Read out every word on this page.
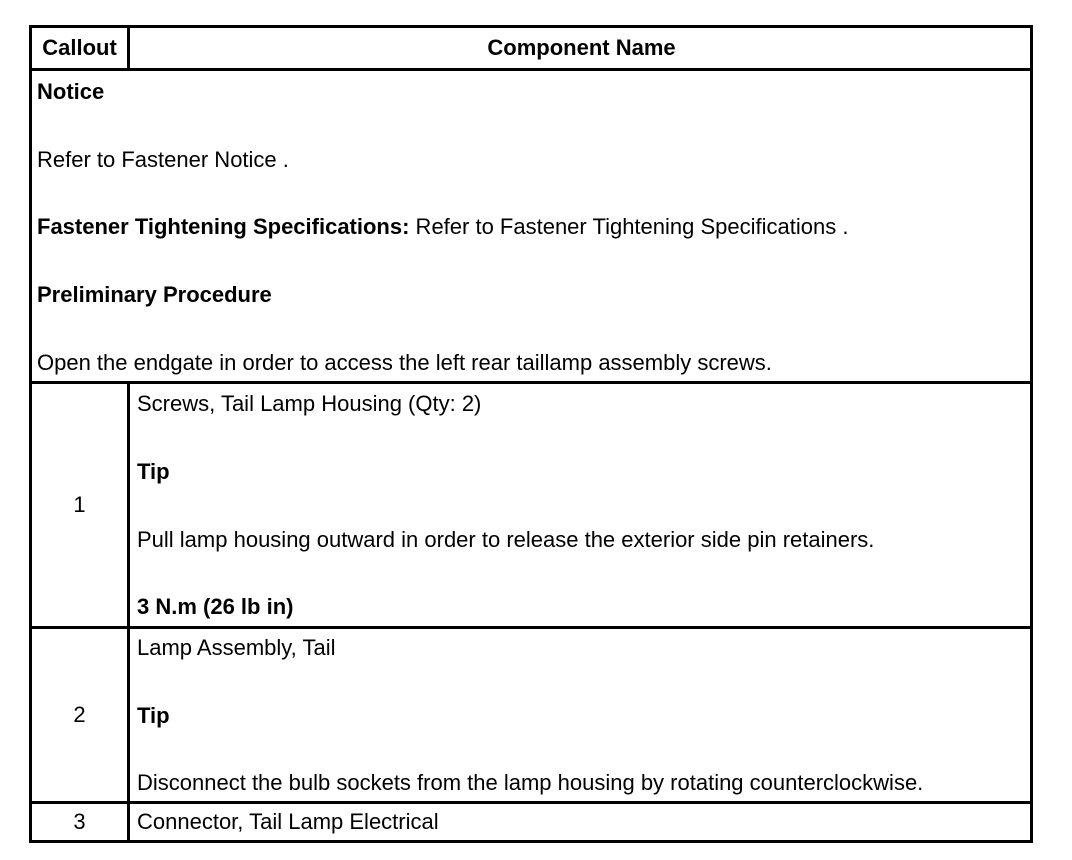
Callout	Component Name
Notice
Refer to Fastener Notice .
Fastener Tightening Specifications: Refer to Fastener Tightening Specifications .
Preliminary Procedure
Open the endgate in order to access the left rear taillamp assembly screws.
1
Screws, Tail Lamp Housing (Qty: 2)
Tip
Pull lamp housing outward in order to release the exterior side pin retainers.
3 N.m (26 lb in)
2
Lamp Assembly, Tail
Tip
Disconnect the bulb sockets from the lamp housing by rotating counterclockwise.
3	Connector, Tail Lamp Electrical
